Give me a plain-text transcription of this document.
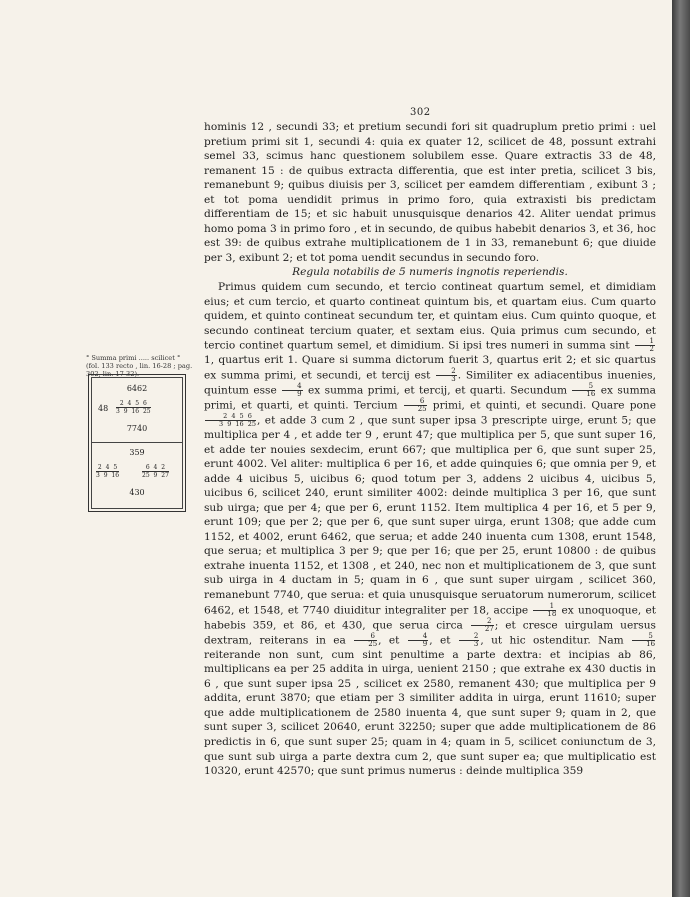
302

hominis 12 , secundi 33; et pretium secundi fori sit quadruplum pretio primi : uel pretium primi sit 1, secundi 4: quia ex quater 12, scilicet de 48, possunt extrahi semel 33, scimus hanc questionem solubilem esse. Quare extractis 33 de 48, remanent 15 : de quibus extracta differentia, que est inter pretia, scilicet 3 bis, remanebunt 9; quibus diuisis per 3, scilicet per eamdem differentiam , exibunt 3 ; et tot poma uendidit primus in primo foro, quia extraxisti bis predictam differentiam de 15; et sic habuit unusquisque denarios 42. Aliter uendat primus homo poma 3 in primo foro , et in secundo, de quibus habebit denarios 3, et 36, hoc est 39: de quibus extrahe multiplicationem de 1 in 33, remanebunt 6; que diuide per 3, exibunt 2; et tot poma uendit secundus in secundo foro.

Regula notabilis de 5 numeris ingnotis reperiendis.

Primus quidem cum secundo, et tercio contineat quartum semel, et dimidiam eius; et cum tercio, et quarto contineat quintum bis, et quartam eius. Cum quarto quidem, et quinto contineat secundum ter, et quintam eius. Cum quinto quoque, et secundo contineat tercium quater, et sextam eius. Quia primus cum secundo, et tercio continet quartum semel, et dimidium. Si ipsi tres numeri in summa sint $\frac{1}{2}$
1, quartus erit 1. Quare si summa dictorum fuerit 3, quartus erit 2; et sic quartus ex summa primi, et secundi, et tercij est $\frac{2}{3}$ . Similiter ex adiacentibus inuenies, quintum esse $\frac{4}{9}$ ex summa primi, et tercij, et quarti. Secundum $\frac{5}{16}$ ex summa primi, et quarti, et quinti. Tercium $\frac{6}{25}$ primi, et quinti, et secundi. Quare pone
$\frac{2 4 5 6}{3 9 16 25}$ , et adde 3 cum 2 , que sunt super ipsa 3 prescripte uirge, erunt 5; que multiplica per 4 , et adde ter 9 , erunt 47; que multiplica per 5, que sunt super 16, et adde ter nouies sexdecim, erunt 667; que multiplica per 6, que sunt super 25, erunt 4002. Vel aliter: multiplica 6 per 16, et adde quinquies 6; que omnia per 9, et adde 4 uicibus 5, uicibus 6; quod totum per 3, addens 2 uicibus 4, uicibus 5, uicibus 6, scilicet 240, erunt similiter 4002: deinde multiplica 3 per 16, que sunt sub uirga; que per 4; que per 6, erunt 1152. Item multiplica 4 per 16, et 5 per 9, erunt 109; que per 2; que per 6, que sunt super uirga, erunt 1308; que adde cum 1152, et 4002, erunt 6462, que serua; et adde 240 inuenta cum 1308, erunt 1548, que serua; et multiplica 3 per 9; que per 16; que per 25, erunt 10800 : de quibus extrahe inuenta 1152, et 1308 , et 240, nec non et multiplicationem de 3, que sunt sub uirga in 4 ductam in 5; quam in 6 , que sunt super uirgam , scilicet 360, remanebunt 7740, que serua: et quia unusquisque seruatorum numerorum, scilicet 6462, et 1548, et 7740 diuiditur integraliter per 18, accipe $\frac{1}{18}$ ex unoquoque, et habebis 359, et 86, et 430, que serua circa $\frac{2}{27}$ ; et cresce uirgulam uersus dextram, reiterans in ea $\frac{6}{25}$ , et $\frac{4}{9}$ , et $\frac{2}{3}$ , ut hic ostenditur. Nam $\frac{5}{16}$
reiterande non sunt, cum sint penultime a parte dextra: et incipias ab 86, multiplicans ea per 25 addita in uirga, uenient 2150 ; que extrahe ex 430 ductis in 6 , que sunt super ipsa 25 , scilicet ex 2580, remanent 430; que multiplica per 9 addita, erunt 3870; que etiam per 3 similiter addita in uirga, erunt 11610; super que adde multiplicationem de 2580 inuenta 4, que sunt super 9; quam in 2, que sunt super 3, scilicet 20640, erunt 32250; super que adde multiplicationem de 86 predictis in 6, que sunt super 25; quam in 4; quam in 5, scilicet coniunctum de 3, que sunt sub uirga a parte dextra cum 2, que sunt super ea; que multiplicatio est 10320, erunt 42570; que sunt primus numerus : deinde multiplica 359

° Summa primi ..... scilicet ° (fol. 133 recto , lin. 16-28 ; pag. 302, lin. 17-32).
6462
$48 \frac{2 4 5 6}{3 9 16 25}$
7740
359
$\frac{2 4 5}{3 9 16}$	$\frac{6 4 2}{25 9 27}$
430
